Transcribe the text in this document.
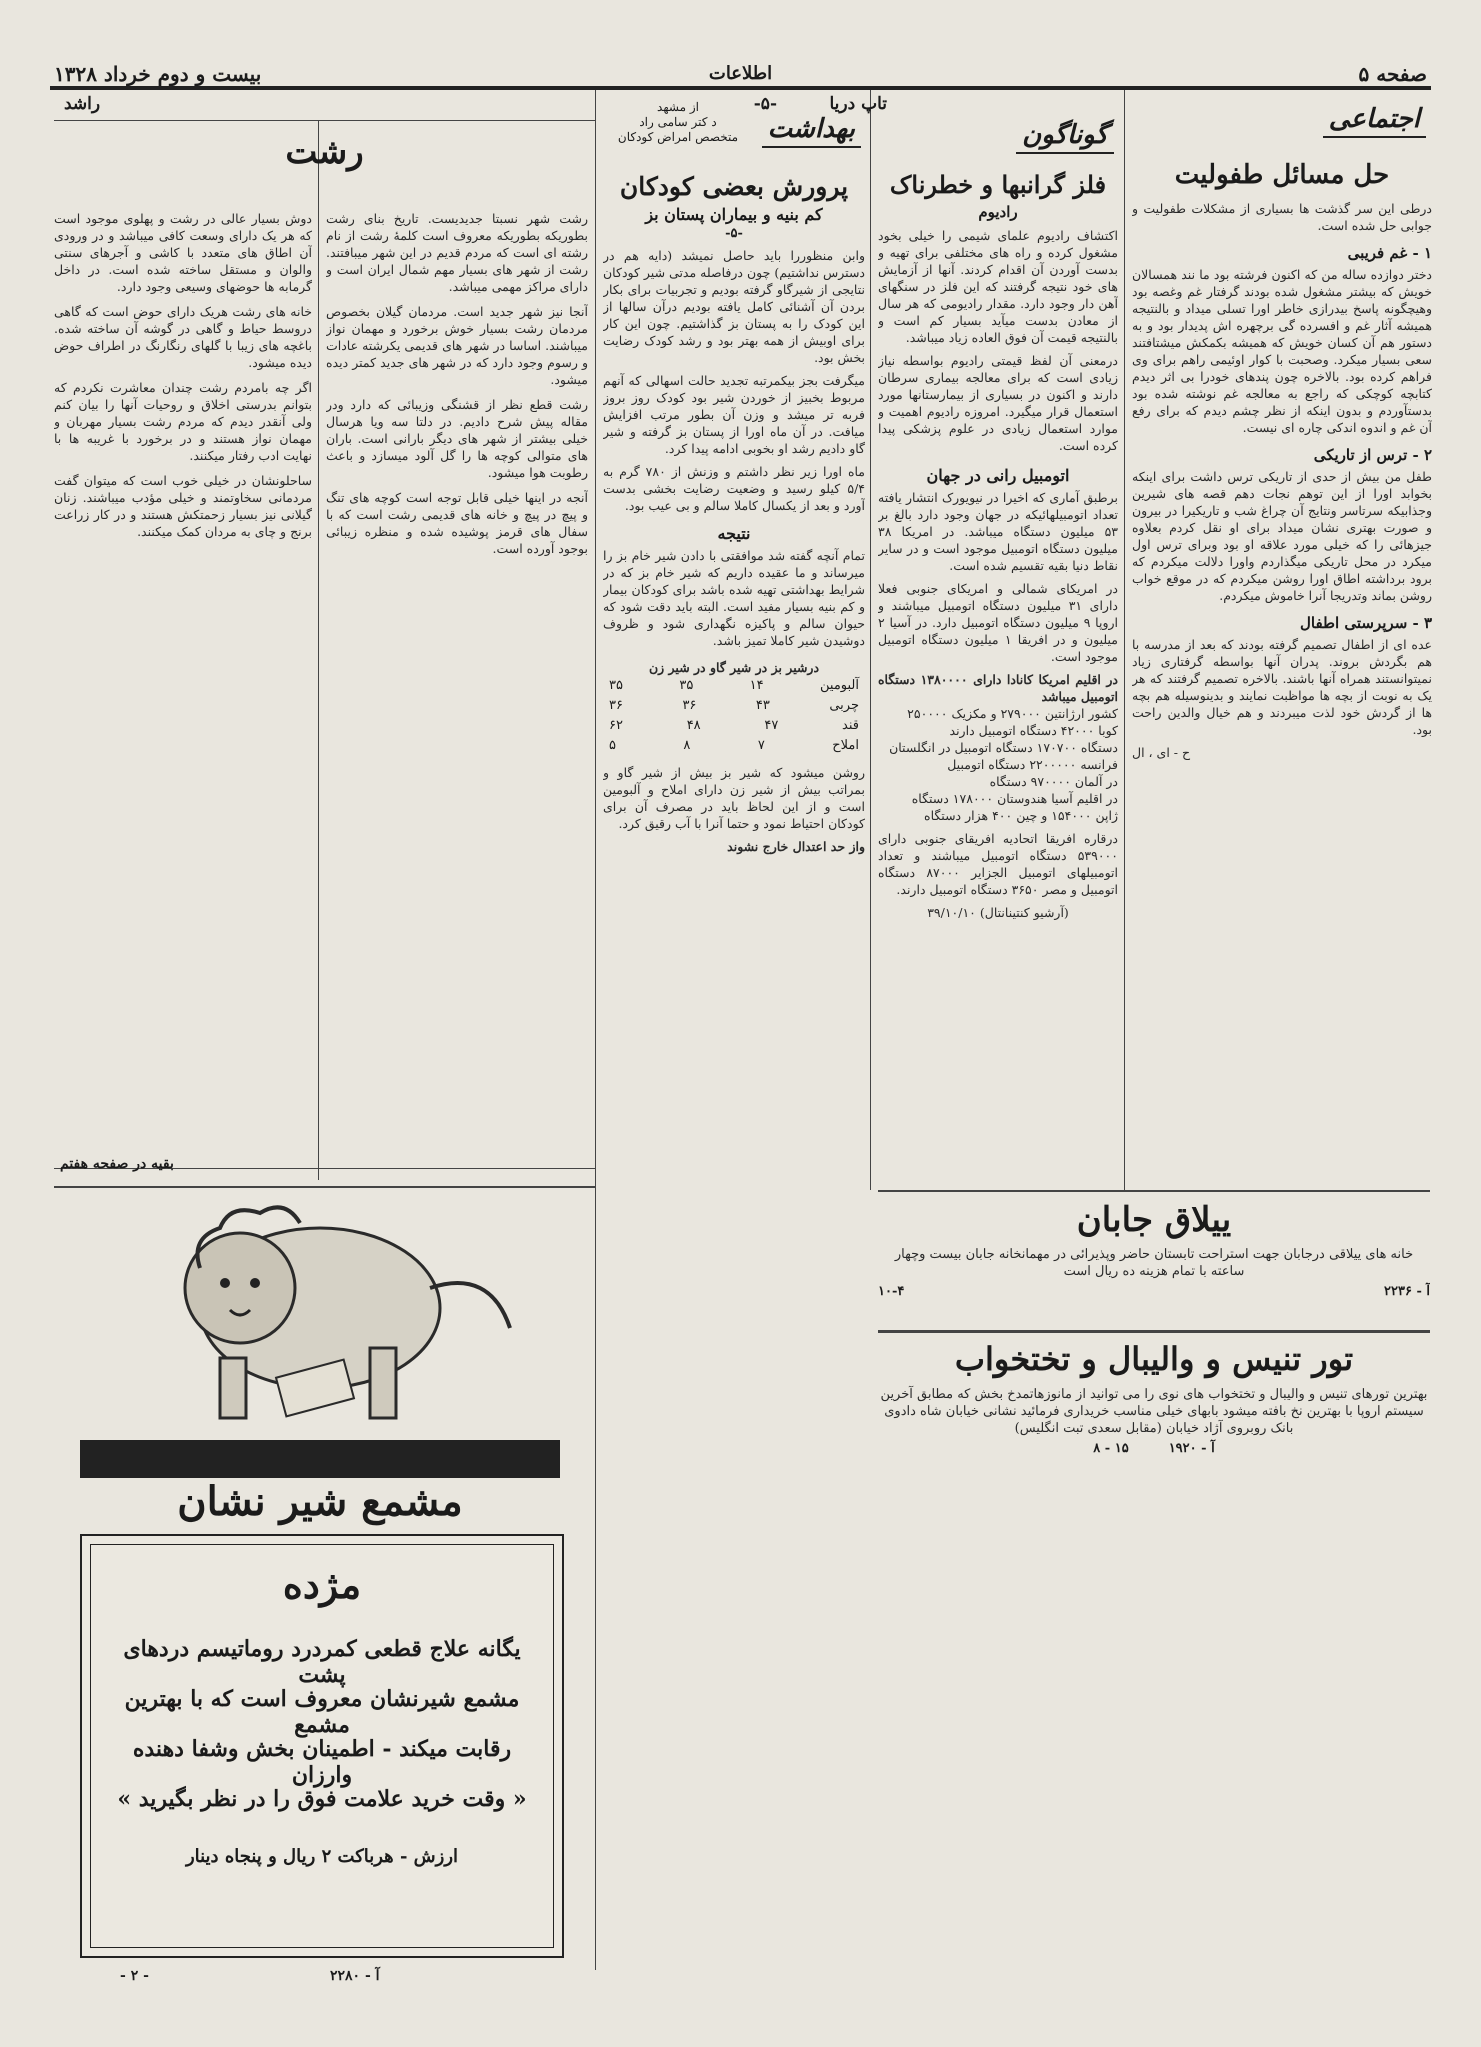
صفحه ۵
اطلاعات
بیست و دوم خرداد ۱۳۲۸
تاپ دریا
-۵-
راشد	اجتماعی
حل مسائل طفولیت
درطی این سر گذشت ها بسیاری از مشکلات طفولیت و جوابی حل شده است.
۱ - غم فریبی
دختر دوازده ساله من که اکنون فرشته بود ما نند همسالان خویش که بیشتر مشغول شده بودند گرفتار غم وغصه بود وهیچگونه پاسخ بیدرازی خاطر اورا تسلی میداد و بالنتیجه همیشه آثار غم و افسرده گی برچهره اش پدیدار بود و به دستور هم آن کسان خویش که همیشه بکمکش میشتافتند سعی بسیار میکرد. وصحبت با کوار اوئیمی راهم برای وی فراهم کرده بود. بالاخره چون پندهای خودرا بی اثر دیدم کتابچه کوچکی که راجع به معالجه غم نوشته شده بود بدستآوردم و بدون اینکه از نظر چشم دیدم که برای رفع آن غم و اندوه اندکی چاره ای نیست.
۲ - ترس از تاریکی
طفل من بیش از حدی از تاریکی ترس داشت برای اینکه بخوابد اورا از این توهم نجات دهم قصه های شیرین وجذابیکه سرتاسر ونتایج آن چراغ شب و تاریکیرا در بیرون و صورت بهتری نشان میداد برای او نقل کردم بعلاوه جیزهائی را که خیلی مورد علاقه او بود وبرای ترس اول میکرد در محل تاریکی میگذاردم واورا دلالت میکردم که برود برداشته اطاق اورا روشن میکردم که در موقع خواب روشن بماند وتدریجا آنرا خاموش میکردم.
۳ - سرپرستی اطفال
عده ای از اطفال تصمیم گرفته بودند که بعد از مدرسه با هم بگردش بروند. پدران آنها بواسطه گرفتاری زیاد نمیتوانستند همراه آنها باشند. بالاخره تصمیم گرفتند که هر یک به نوبت از بچه ها مواظبت نمایند و بدینوسیله هم بچه ها از گردش خود لذت میبردند و هم خیال والدین راحت بود.
ح - ای ، ال
گوناگون
فلز گرانبها و خطرناک
رادیوم
اکتشاف رادیوم علمای شیمی را خیلی بخود مشغول کرده و راه های مختلفی برای تهیه و بدست آوردن آن اقدام کردند. آنها از آزمایش های خود نتیجه گرفتند که این فلز در سنگهای آهن دار وجود دارد. مقدار رادیومی که هر سال از معادن بدست میآید بسیار کم است و بالنتیجه قیمت آن فوق العاده زیاد میباشد.
درمعنی آن لفظ قیمتی رادیوم بواسطه نیاز زیادی است که برای معالجه بیماری سرطان دارند و اکنون در بسیاری از بیمارستانها مورد استعمال قرار میگیرد. امروزه رادیوم اهمیت و موارد استعمال زیادی در علوم پزشکی پیدا کرده است.
اتومبیل رانی در جهان
برطبق آماری که اخیرا در نیویورک انتشار یافته تعداد اتومبیلهائیکه در جهان وجود دارد بالغ بر ۵۳ میلیون دستگاه میباشد. در امریکا ۳۸ میلیون دستگاه اتومبیل موجود است و در سایر نقاط دنیا بقیه تقسیم شده است.
در امریکای شمالی و امریکای جنوبی فعلا دارای ۳۱ میلیون دستگاه اتومبیل میباشند و اروپا ۹ میلیون دستگاه اتومبیل دارد. در آسیا ۲ میلیون و در افریقا ۱ میلیون دستگاه اتومبیل موجود است.
در اقلیم امریکا کانادا دارای ۱۳۸۰۰۰۰ دستگاه اتومبیل میباشد
کشور ارژانتین ۲۷۹۰۰۰ و مکزیک ۲۵۰۰۰۰
کوبا ۴۲۰۰۰ دستگاه اتومبیل دارند
دستگاه ۱۷۰۷۰۰ دستگاه اتومبیل در انگلستان
فرانسه ۲۲۰۰۰۰۰ دستگاه اتومبیل
در آلمان ۹۷۰۰۰۰ دستگاه
در اقلیم آسیا هندوستان ۱۷۸۰۰۰ دستگاه
ژاپن ۱۵۴۰۰۰ و چین ۴۰۰ هزار دستگاه
درقاره افریقا اتحادیه افریقای جنوبی دارای ۵۳۹۰۰۰ دستگاه اتومبیل میباشند و تعداد اتومبیلهای اتومبیل الجزایر ۸۷۰۰۰ دستگاه اتومبیل و مصر ۳۶۵۰ دستگاه اتومبیل دارند.
(آرشیو کنتینانتال) ۳۹/۱۰/۱۰
بهداشت
از مشهد
د کتر سامی راد
متخصص امراض کودکان
پرورش بعضی کودکان
کم بنیه و بیماران پستان بز
-۵-
وابن منظوررا باید حاصل نمیشد (دایه هم در دسترس نداشتیم) چون درفاصله مدتی شیر کودکان نتایجی از شیرگاو گرفته بودیم و تجربیات برای بکار بردن آن آشنائی کامل یافته بودیم درآن سالها از این کودک را به پستان بز گذاشتیم. چون این کار برای اوبیش از همه بهتر بود و رشد کودک رضایت بخش بود.
میگرفت بجز بیکمرتبه تجدید حالت اسهالی که آنهم مربوط بخبیز از خوردن شیر بود کودک روز بروز فربه تر میشد و وزن آن بطور مرتب افزایش میافت. در آن ماه اورا از پستان بز گرفته و شیر گاو دادیم رشد او بخوبی ادامه پیدا کرد.
ماه اورا زیر نظر داشتم و وزنش از ۷۸۰ گرم به ۵/۴ کیلو رسید و وضعیت رضایت بخشی بدست آورد و بعد از یکسال کاملا سالم و بی عیب بود.
نتیجه
تمام آنچه گفته شد موافقتی با دادن شیر خام بز را میرساند و ما عقیده داریم که شیر خام بز که در شرایط بهداشتی تهیه شده باشد برای کودکان بیمار و کم بنیه بسیار مفید است. البته باید دقت شود که حیوان سالم و پاکیزه نگهداری شود و ظروف دوشیدن شیر کاملا تمیز باشد.
درشیر بز در شیر گاو در شیر زن
آلبومین
۱۴
۳۵
۳۵
چربی
۴۳
۳۶
۳۶
قند
۴۷
۴۸
۶۲
املاح
۷
۸
۵
روشن میشود که شیر بز بیش از شیر گاو و بمراتب بیش از شیر زن دارای املاح و آلبومین است و از این لحاظ باید در مصرف آن برای کودکان احتیاط نمود و حتما آنرا با آب رقیق کرد.
واز حد اعتدال خارج نشوند
رشت
رشت شهر نسبتا جدیدیست. تاریخ بنای رشت بطوریکه بطوریکه معروف است کلمهٔ رشت از نام رشته ای است که مردم قدیم در این شهر میبافتند. رشت از شهر های بسیار مهم شمال ایران است و دارای مراکز مهمی میباشد.
آنجا نیز شهر جدید است. مردمان گیلان بخصوص مردمان رشت بسیار خوش برخورد و مهمان نواز میباشند. اساسا در شهر های قدیمی یکرشته عادات و رسوم وجود دارد که در شهر های جدید کمتر دیده میشود.
رشت قطع نظر از قشنگی وزیبائی که دارد ودر مقاله پیش شرح دادیم. در دلتا سه ویا هرسال خیلی بیشتر از شهر های دیگر بارانی است. باران های متوالی کوچه ها را گل آلود میسازد و باعث رطوبت هوا میشود.
آنجه در اینها خیلی قابل توجه است کوچه های تنگ و پیچ در پیچ و خانه های قدیمی رشت است که با سفال های قرمز پوشیده شده و منظره زیبائی بوجود آورده است.
دوش بسیار عالی در رشت و پهلوی موجود است که هر یک دارای وسعت کافی میباشد و در ورودی آن اطاق های متعدد با کاشی و آجرهای سنتی والوان و مستقل ساخته شده است. در داخل گرمابه ها حوضهای وسیعی وجود دارد.
خانه های رشت هریک دارای حوض است که گاهی دروسط حیاط و گاهی در گوشه آن ساخته شده. باغچه های زیبا با گلهای رنگارنگ در اطراف حوض دیده میشود.
اگر چه بامردم رشت چندان معاشرت نکردم که بتوانم بدرستی اخلاق و روحیات آنها را بیان کنم ولی آنقدر دیدم که مردم رشت بسیار مهربان و مهمان نواز هستند و در برخورد با غریبه ها با نهایت ادب رفتار میکنند.
ساحلونشان در خیلی خوب است که میتوان گفت مردمانی سخاوتمند و خیلی مؤدب میباشند. زنان گیلانی نیز بسیار زحمتکش هستند و در کار زراعت برنج و چای به مردان کمک میکنند.
بقیه در صفحه هفتم
مشمع شیر نشان
مژده
یگانه علاج قطعی کمردرد روماتیسم دردهای پشت
مشمع شیرنشان معروف است که با بهترین مشمع
رقابت میکند - اطمینان بخش وشفا دهنده وارزان
« وقت خرید علامت فوق را در نظر بگیرید »
ارزش - هرباکت ۲ ریال و پنجاه دینار
آ - ۲۲۸۰
- ۲ -
ییلاق جابان
خانه های ییلاقی درجابان جهت استراحت تابستان حاضر وپذیرائی در مهمانخانه جابان بیست وچهار ساعته با تمام هزینه ده ریال است
آ - ۲۲۳۶
۱۰-۴
تور تنیس و والیبال و تختخواب
بهترین تورهای تنیس و والیبال و تختخواب های نوی را می توانید از مانوزهاتمدخ بخش که مطابق آخرین سیستم اروپا با بهترین نخ بافته میشود بابهای خیلی مناسب خریداری فرمائید نشانی خیابان شاه دادوی بانک روبروی آژاد خیابان (مقابل سعدی تبت انگلیس)
آ - ۱۹۲۰
۱۵ - ۸
